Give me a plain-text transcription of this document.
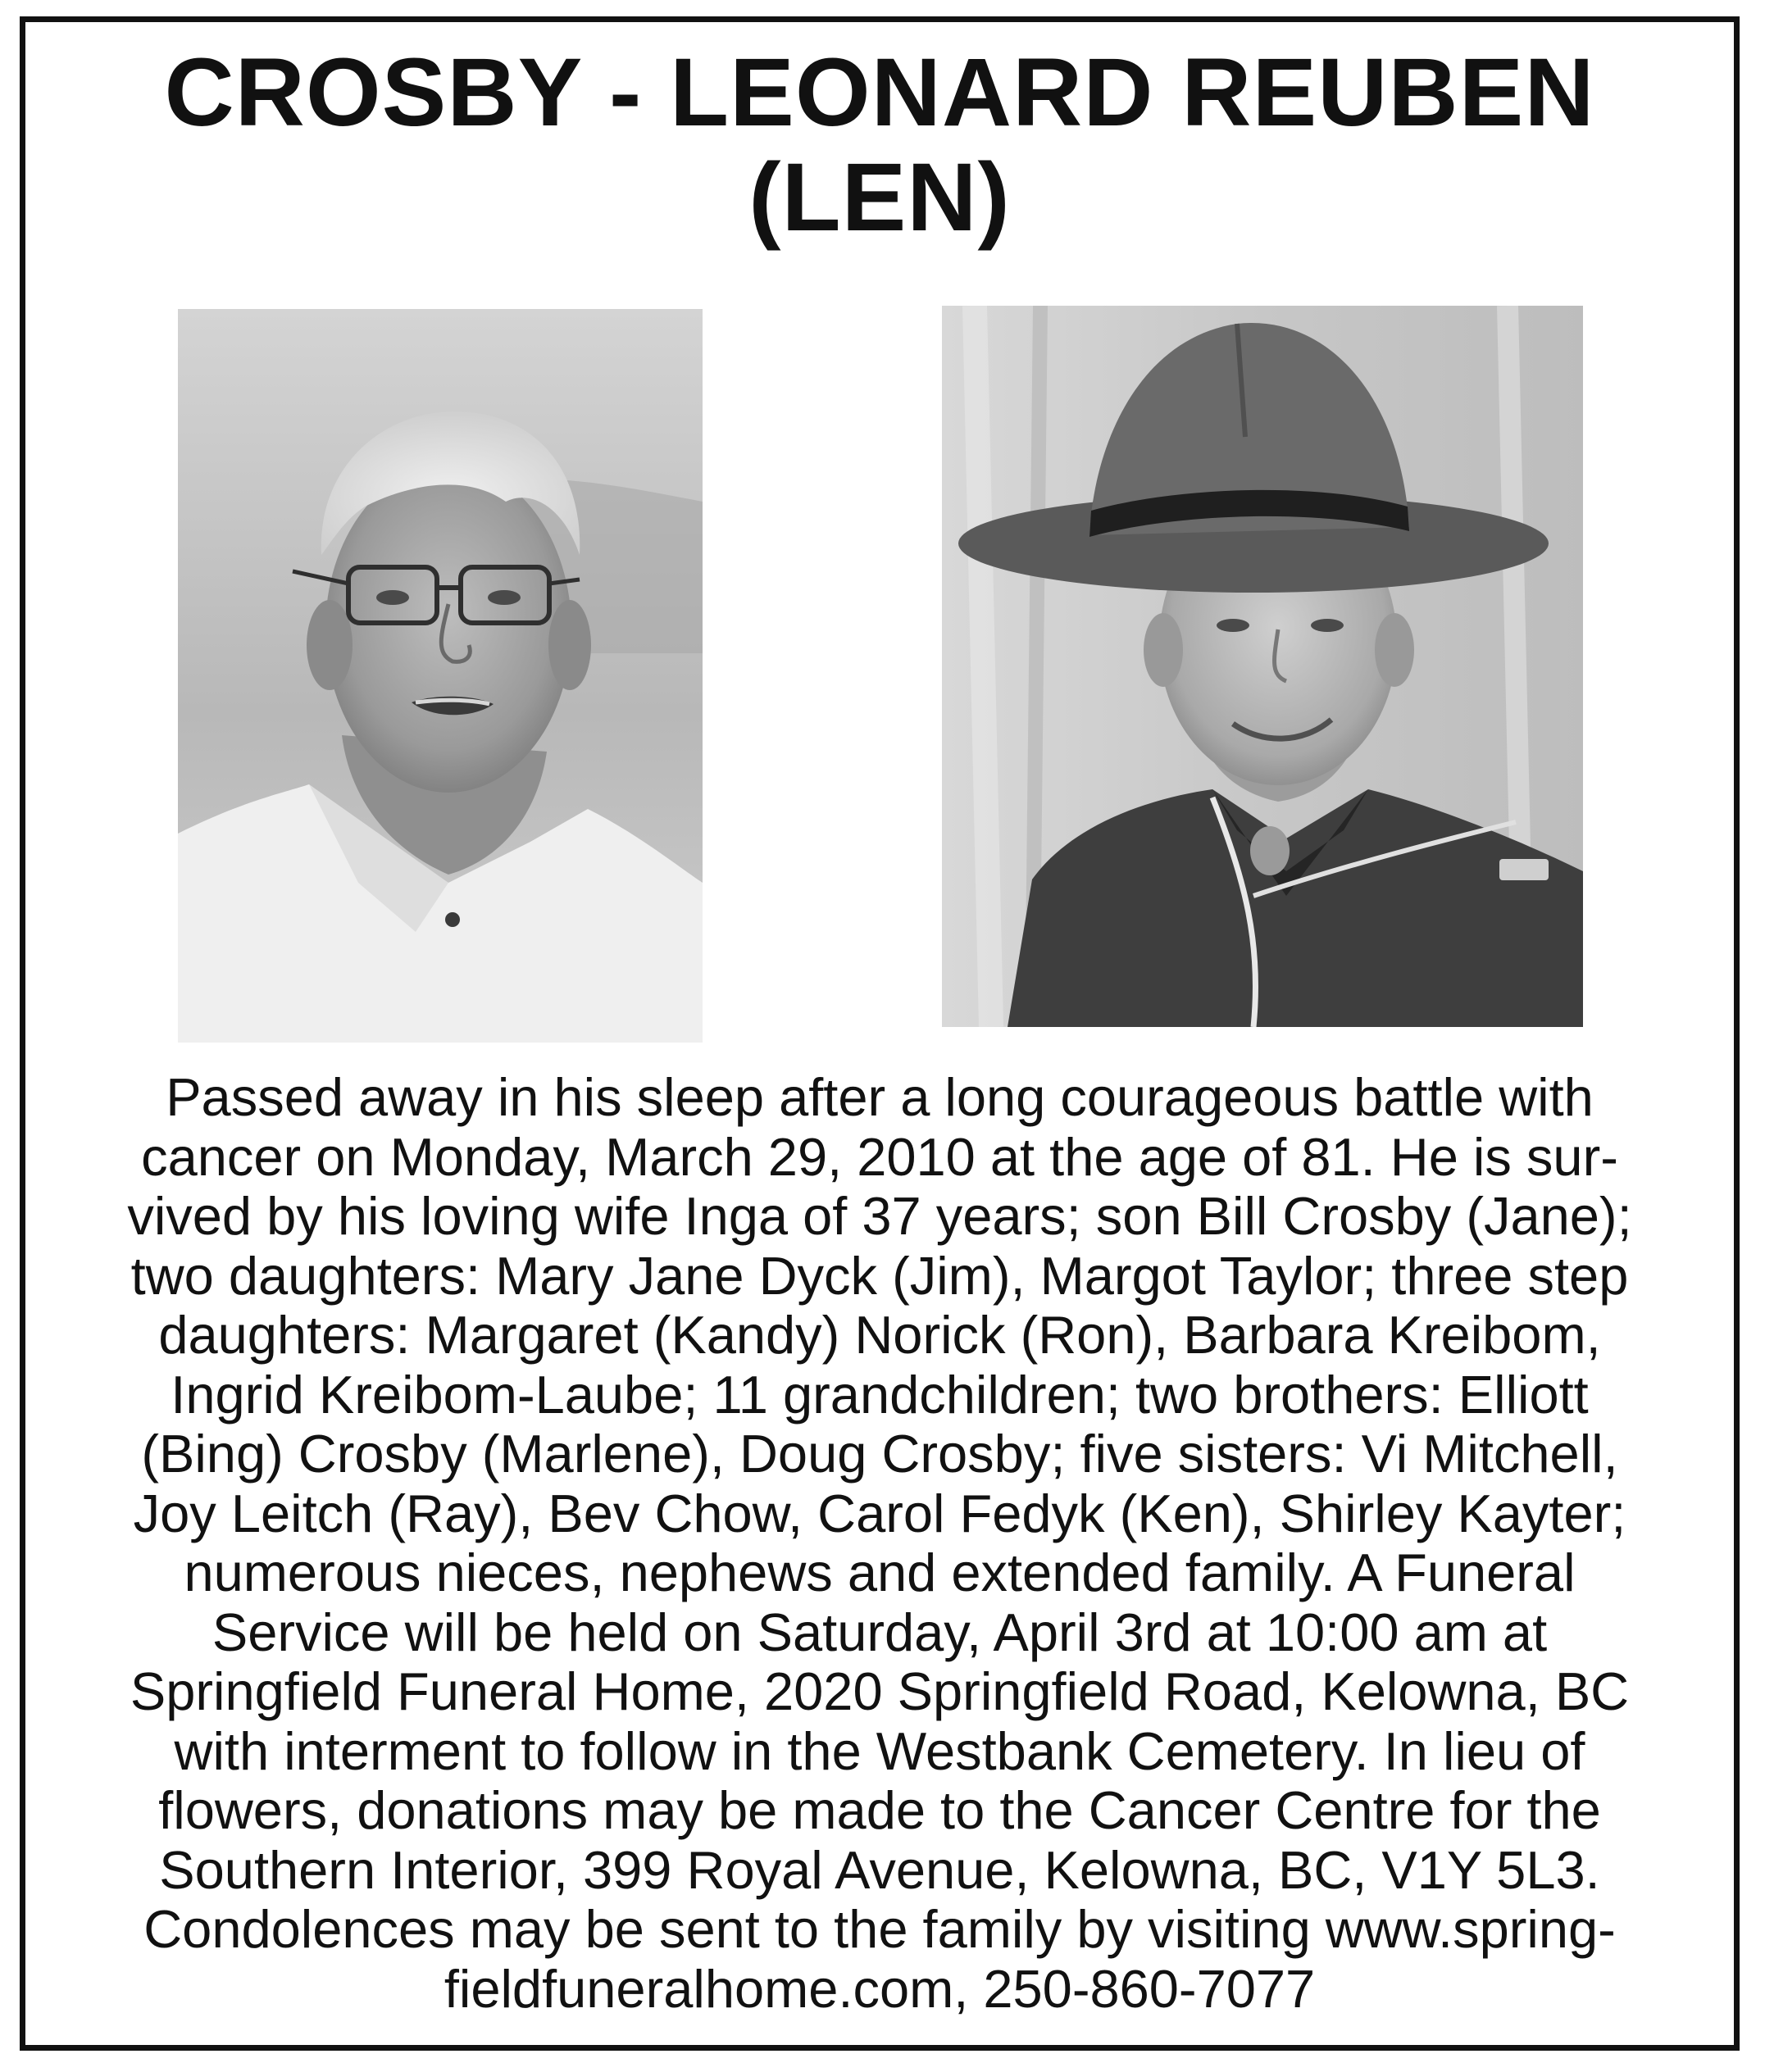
CROSBY - LEONARD REUBEN
(LEN)

Passed away in his sleep after a long courageous battle with
cancer on Monday, March 29, 2010 at the age of 81. He is sur-
vived by his loving wife Inga of 37 years; son Bill Crosby (Jane);
two daughters: Mary Jane Dyck (Jim), Margot Taylor; three step
daughters: Margaret (Kandy) Norick (Ron), Barbara Kreibom,
Ingrid Kreibom-Laube; 11 grandchildren; two brothers: Elliott
(Bing) Crosby (Marlene), Doug Crosby; five sisters: Vi Mitchell,
Joy Leitch (Ray), Bev Chow, Carol Fedyk (Ken), Shirley Kayter;
numerous nieces, nephews and extended family. A Funeral
Service will be held on Saturday, April 3rd at 10:00 am at
Springfield Funeral Home, 2020 Springfield Road, Kelowna, BC
with interment to follow in the Westbank Cemetery. In lieu of
flowers, donations may be made to the Cancer Centre for the
Southern Interior, 399 Royal Avenue, Kelowna, BC, V1Y 5L3.
Condolences may be sent to the family by visiting www.spring-
fieldfuneralhome.com, 250-860-7077
